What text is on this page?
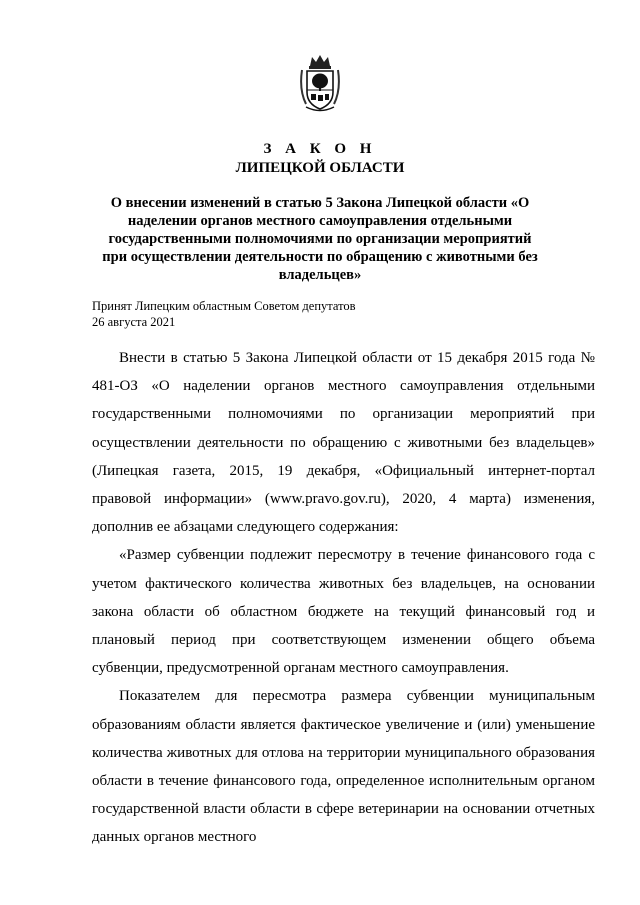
З А К О Н
ЛИПЕЦКОЙ ОБЛАСТИ
О внесении изменений в статью 5 Закона Липецкой области «О наделении органов местного самоуправления отдельными государственными полномочиями по организации мероприятий при осуществлении деятельности по обращению с животными без владельцев»
Принят Липецким областным Советом депутатов
26 августа 2021

Внести в статью 5 Закона Липецкой области от 15 декабря 2015 года № 481-ОЗ «О наделении органов местного самоуправления отдельными государственными полномочиями по организации мероприятий при осуществлении деятельности по обращению с животными без владельцев» (Липецкая газета, 2015, 19 декабря, «Официальный интернет-портал правовой информации» (www.pravo.gov.ru), 2020, 4 марта) изменения, дополнив ее абзацами следующего содержания:

«Размер субвенции подлежит пересмотру в течение финансового года с учетом фактического количества животных без владельцев, на основании закона области об областном бюджете на текущий финансовый год и плановый период при соответствующем изменении общего объема субвенции, предусмотренной органам местного самоуправления.

Показателем для пересмотра размера субвенции муниципальным образованиям области является фактическое увеличение и (или) уменьшение количества животных для отлова на территории муниципального образования области в течение финансового года, определенное исполнительным органом государственной власти области в сфере ветеринарии на основании отчетных данных органов местного
